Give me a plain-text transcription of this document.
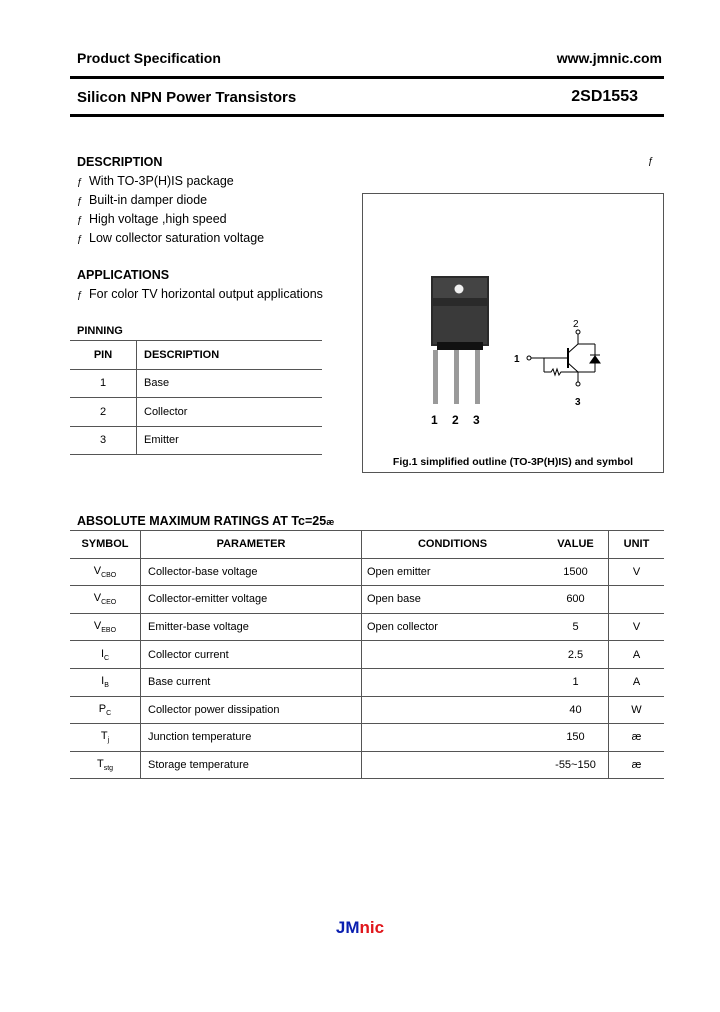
Product Specification	www.jmnic.com
Silicon NPN Power Transistors	2SD1553
DESCRIPTION	ƒ
ƒ With TO-3P(H)IS package
ƒ Built-in damper diode
ƒ High voltage ,high speed
ƒ Low collector saturation voltage
APPLICATIONS
ƒ For color TV horizontal output applications
PINNING
PIN	DESCRIPTION
1	Base
2	Collector
3	Emitter
2
1
3
1 2 3
Fig.1 simplified outline (TO-3P(H)IS) and symbol
ABSOLUTE MAXIMUM RATINGS AT Tc=25æ
SYMBOL	PARAMETER	CONDITIONS	VALUE	UNIT
$V_{CBO}$	Collector-base voltage	Open emitter	1500	V
$V_{CEO}$	Collector-emitter voltage	Open base	600	
$V_{EBO}$	Emitter-base voltage	Open collector	5	V
$I_C$	Collector current		2.5	A
$I_B$	Base current		1	A
$P_C$	Collector power dissipation		40	W
$T_j$	Junction temperature		150	æ
$T_{stg}$	Storage temperature		-55~150	æ
JMnic
